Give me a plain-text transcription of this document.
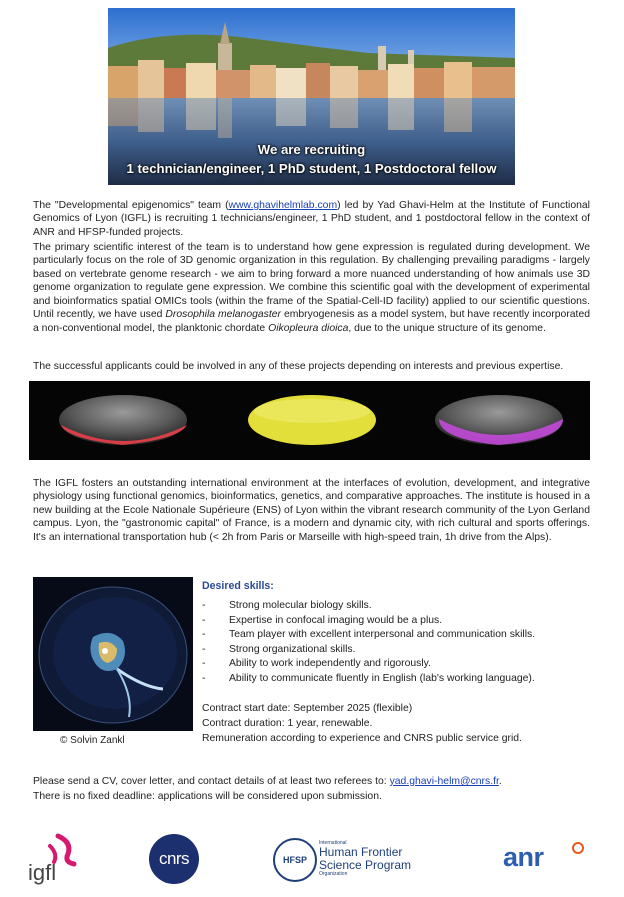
We are recruiting
1 technician/engineer, 1 PhD student, 1 Postdoctoral fellow
The "Developmental epigenomics" team (www.ghavihelmlab.com) led by Yad Ghavi-Helm at the Institute of Functional Genomics of Lyon (IGFL) is recruiting 1 technicians/engineer, 1 PhD student, and 1 postdoctoral fellow in the context of ANR and HFSP-funded projects.
The primary scientific interest of the team is to understand how gene expression is regulated during development. We particularly focus on the role of 3D genomic organization in this regulation. By challenging prevailing paradigms - largely based on vertebrate genome research - we aim to bring forward a more nuanced understanding of how animals use 3D genome organization to regulate gene expression. We combine this scientific goal with the development of experimental and bioinformatics spatial OMICs tools (within the frame of the Spatial-Cell-ID facility) applied to our scientific questions. Until recently, we have used Drosophila melanogaster embryogenesis as a model system, but have recently incorporated a non-conventional model, the planktonic chordate Oikopleura dioica, due to the unique structure of its genome.
The successful applicants could be involved in any of these projects depending on interests and previous expertise.
The IGFL fosters an outstanding international environment at the interfaces of evolution, development, and integrative physiology using functional genomics, bioinformatics, genetics, and comparative approaches. The institute is housed in a new building at the Ecole Nationale Supérieure (ENS) of Lyon within the vibrant research community of the Lyon Gerland campus. Lyon, the "gastronomic capital" of France, is a modern and dynamic city, with rich cultural and sports offerings. It's an international transportation hub (< 2h from Paris or Marseille with high-speed train, 1h drive from the Alps).
© Solvin Zankl
Desired skills:
- Strong molecular biology skills.
- Expertise in confocal imaging would be a plus.
- Team player with excellent interpersonal and communication skills.
- Strong organizational skills.
- Ability to work independently and rigorously.
- Ability to communicate fluently in English (lab's working language).
Contract start date: September 2025 (flexible)
Contract duration: 1 year, renewable.
Remuneration according to experience and CNRS public service grid.
Please send a CV, cover letter, and contact details of at least two referees to: yad.ghavi-helm@cnrs.fr.
There is no fixed deadline: applications will be considered upon submission.
igfl
cnrs	HFSP
International
Human Frontier
Science Program
Organization
anr
